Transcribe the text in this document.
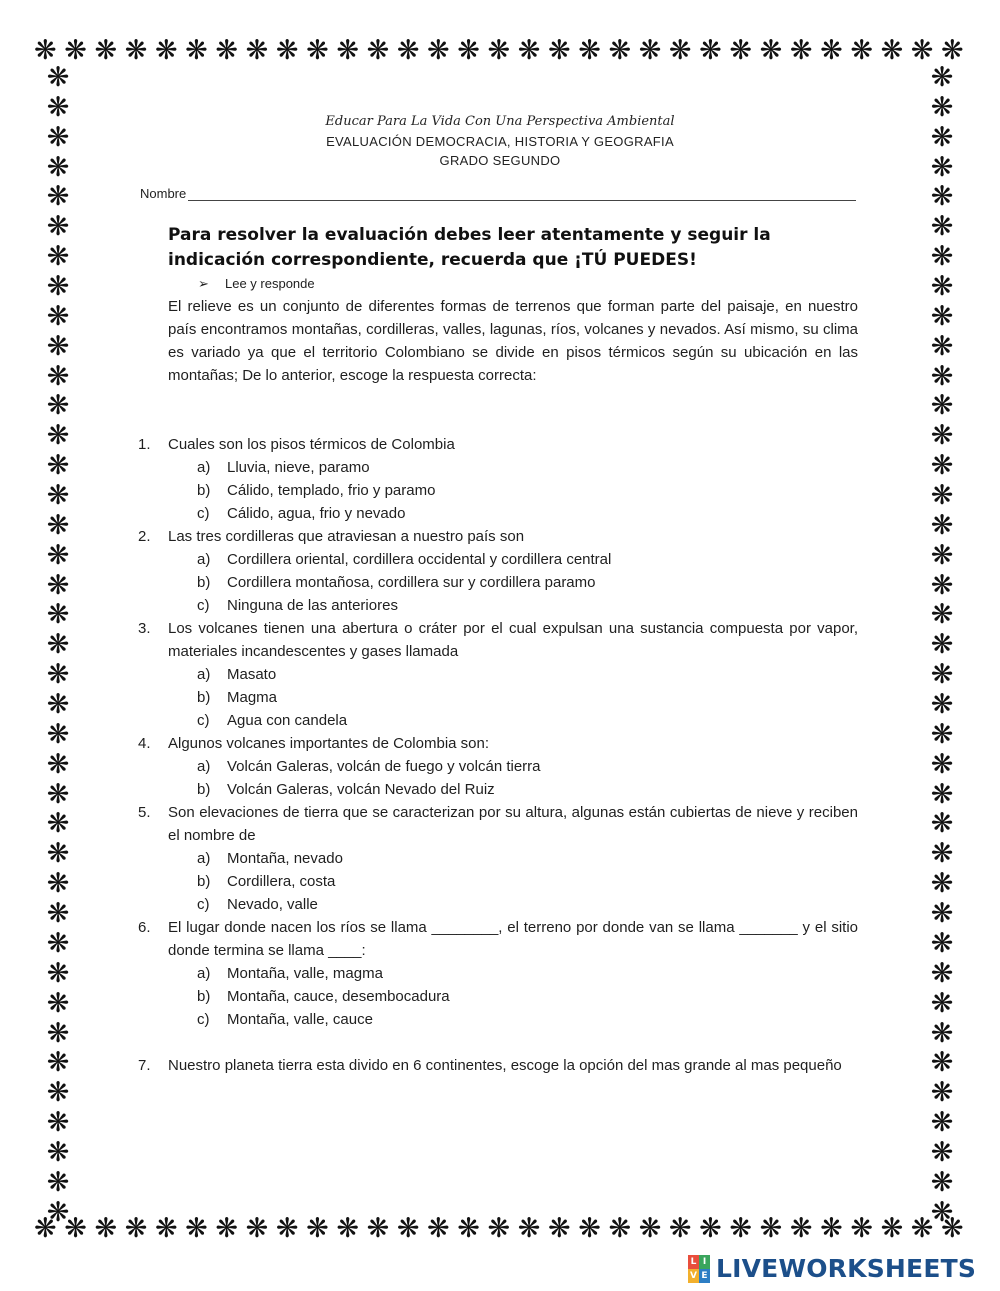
❋ ❋ ❋ ❋ ❋ ❋ ❋ ❋ ❋ ❋ ❋ ❋ ❋ ❋ ❋ ❋ ❋ ❋ ❋ ❋ ❋ ❋ ❋ ❋ ❋ ❋ ❋ ❋ ❋ ❋ ❋
❋ ❋ ❋ ❋ ❋ ❋ ❋ ❋ ❋ ❋ ❋ ❋ ❋ ❋ ❋ ❋ ❋ ❋ ❋ ❋ ❋ ❋ ❋ ❋ ❋ ❋ ❋ ❋ ❋ ❋ ❋
❋
❋
❋
❋
❋
❋
❋
❋
❋
❋
❋
❋
❋
❋
❋
❋
❋
❋
❋
❋
❋
❋
❋
❋
❋
❋
❋
❋
❋
❋
❋
❋
❋
❋
❋
❋
❋
❋
❋
❋
❋
❋
❋
❋
❋
❋
❋
❋
❋
❋
❋
❋
❋
❋
❋
❋
❋
❋
❋
❋
❋
❋
❋
❋
❋
❋
❋
❋
❋
❋
❋
❋
❋
❋
❋
❋
❋
❋
Educar Para La Vida Con Una Perspectiva Ambiental
EVALUACIÓN DEMOCRACIA, HISTORIA Y GEOGRAFIA
GRADO SEGUNDO
Nombre
Para resolver la evaluación debes leer atentamente y seguir la indicación correspondiente, recuerda que ¡TÚ PUEDES!
➢ Lee y responde
El relieve es un conjunto de diferentes formas de terrenos que forman parte del paisaje, en nuestro país encontramos montañas, cordilleras, valles, lagunas, ríos, volcanes y nevados. Así mismo, su clima es variado ya que el territorio Colombiano se divide en pisos térmicos según su ubicación en las montañas; De lo anterior, escoge la respuesta correcta:
1.	Cuales son los pisos térmicos de Colombia
a)	Lluvia, nieve, paramo
b)	Cálido, templado, frio y paramo
c)	Cálido, agua, frio y nevado
2.	Las tres cordilleras que atraviesan a nuestro país son
a)	Cordillera oriental, cordillera occidental y cordillera central
b)	Cordillera montañosa, cordillera sur y cordillera paramo
c)	Ninguna de las anteriores
3.	Los volcanes tienen una abertura o cráter por el cual expulsan una sustancia compuesta por vapor, materiales incandescentes y gases llamada
a)	Masato
b)	Magma
c)	Agua con candela
4.	Algunos volcanes importantes de Colombia son:
a)	Volcán Galeras, volcán de fuego y volcán tierra
b)	Volcán Galeras, volcán Nevado del Ruiz
5.	Son elevaciones de tierra que se caracterizan por su altura, algunas están cubiertas de nieve y reciben el nombre de
a)	Montaña, nevado
b)	Cordillera, costa
c)	Nevado, valle
6.	El lugar donde nacen los ríos se llama ________, el terreno por donde van se llama _______ y el sitio donde termina se llama ____:
a)	Montaña, valle, magma
b)	Montaña, cauce, desembocadura
c)	Montaña, valle, cauce
7.	Nuestro planeta tierra esta divido en 6 continentes, escoge la opción del mas grande al mas pequeño
L I
V E LIVEWORKSHEETS
